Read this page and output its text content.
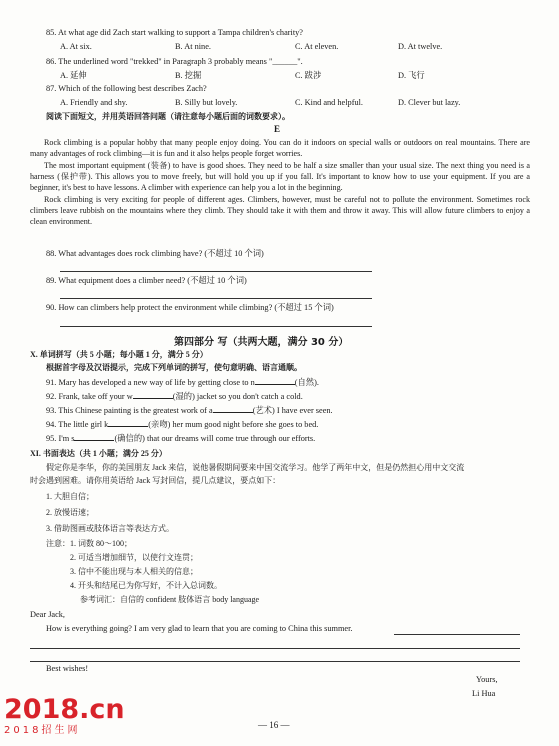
85. At what age did Zach start walking to support a Tampa children's charity?
A. At six.	B. At nine.	C. At eleven.	D. At twelve.
86. The underlined word "trekked" in Paragraph 3 probably means "______".
A. 延伸	B. 挖掘	C. 跋涉	D. 飞行
87. Which of the following best describes Zach?
A. Friendly and shy.	B. Silly but lovely.	C. Kind and helpful.	D. Clever but lazy.
阅读下面短文，并用英语回答问题（请注意每小题后面的词数要求）。
E

Rock climbing is a popular hobby that many people enjoy doing. You can do it indoors on special walls or outdoors on real mountains. There are many advantages of rock climbing—it is fun and it also helps people forget worries.

The most important equipment (装备) to have is good shoes. They need to be half a size smaller than your usual size. The next thing you need is a harness (保护带). This allows you to move freely, but will hold you up if you fall. It's important to know how to use your equipment. If you are a beginner, it's best to have lessons. A climber with experience can help you a lot in the beginning.

Rock climbing is very exciting for people of different ages. Climbers, however, must be careful not to pollute the environment. Sometimes rock climbers leave rubbish on the mountains where they climb. They should take it with them and throw it away. This will allow future climbers to enjoy a clean environment.

88. What advantages does rock climbing have? (不超过 10 个词)
89. What equipment does a climber need? (不超过 10 个词)
90. How can climbers help protect the environment while climbing? (不超过 15 个词)
第四部分 写（共两大题，满分 30 分）
X. 单词拼写（共 5 小题；每小题 1 分，满分 5 分）
根据首字母及汉语提示，完成下列单词的拼写，使句意明确、语言通顺。
91. Mary has developed a new way of life by getting close to n	(自然).
92. Frank, take off your w	(湿的) jacket so you don't catch a cold.
93. This Chinese painting is the greatest work of a	(艺术) I have ever seen.
94. The little girl k	(亲吻) her mum good night before she goes to bed.
95. I'm s	(确信的) that our dreams will come true through our efforts.
XI. 书面表达（共 1 小题；满分 25 分）
假定你是李华，你的美国朋友 Jack 来信，说他暑假期间要来中国交流学习。他学了两年中文，但是仍然担心用中文交流
时会遇到困难。请你用英语给 Jack 写封回信，提几点建议，要点如下：
1. 大胆自信；
2. 放慢语速；
3. 借助图画或肢体语言等表达方式。
注意：1. 词数 80～100；
2. 可适当增加细节，以使行文连贯；
3. 信中不能出现与本人相关的信息；
4. 开头和结尾已为你写好，不计入总词数。
参考词汇：自信的 confident 肢体语言 body language
Dear Jack,
How is everything going? I am very glad to learn that you are coming to China this summer.
Best wishes!
Yours,
Li Hua
— 16 —
2018.cn
2018招生网
